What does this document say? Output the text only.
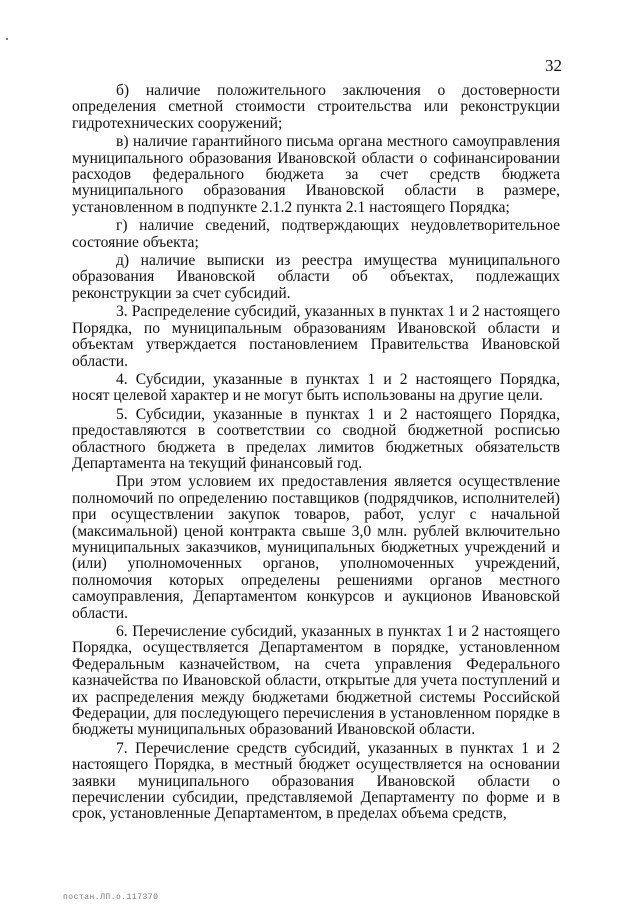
32

б) наличие положительного заключения о достоверности определения сметной стоимости строительства или реконструкции гидротехнических сооружений;

в) наличие гарантийного письма органа местного самоуправления муниципального образования Ивановской области о софинансировании расходов федерального бюджета за счет средств бюджета муниципального образования Ивановской области в размере, установленном в подпункте 2.1.2 пункта 2.1 настоящего Порядка;

г) наличие сведений, подтверждающих неудовлетворительное состояние объекта;

д) наличие выписки из реестра имущества муниципального образования Ивановской области об объектах, подлежащих реконструкции за счет субсидий.

3. Распределение субсидий, указанных в пунктах 1 и 2 настоящего Порядка, по муниципальным образованиям Ивановской области и объектам утверждается постановлением Правительства Ивановской области.

4. Субсидии, указанные в пунктах 1 и 2 настоящего Порядка, носят целевой характер и не могут быть использованы на другие цели.

5. Субсидии, указанные в пунктах 1 и 2 настоящего Порядка, предоставляются в соответствии со сводной бюджетной росписью областного бюджета в пределах лимитов бюджетных обязательств Департамента на текущий финансовый год.

При этом условием их предоставления является осуществление полномочий по определению поставщиков (подрядчиков, исполнителей) при осуществлении закупок товаров, работ, услуг с начальной (максимальной) ценой контракта свыше 3,0 млн. рублей включительно муниципальных заказчиков, муниципальных бюджетных учреждений и (или) уполномоченных органов, уполномоченных учреждений, полномочия которых определены решениями органов местного самоуправления, Департаментом конкурсов и аукционов Ивановской области.

6. Перечисление субсидий, указанных в пунктах 1 и 2 настоящего Порядка, осуществляется Департаментом в порядке, установленном Федеральным казначейством, на счета управления Федерального казначейства по Ивановской области, открытые для учета поступлений и их распределения между бюджетами бюджетной системы Российской Федерации, для последующего перечисления в установленном порядке в бюджеты муниципальных образований Ивановской области.

7. Перечисление средств субсидий, указанных в пунктах 1 и 2 настоящего Порядка, в местный бюджет осуществляется на основании заявки муниципального образования Ивановской области о перечислении субсидии, представляемой Департаменту по форме и в срок, установленные Департаментом, в пределах объема средств,

постан.ЛП.о.117370
